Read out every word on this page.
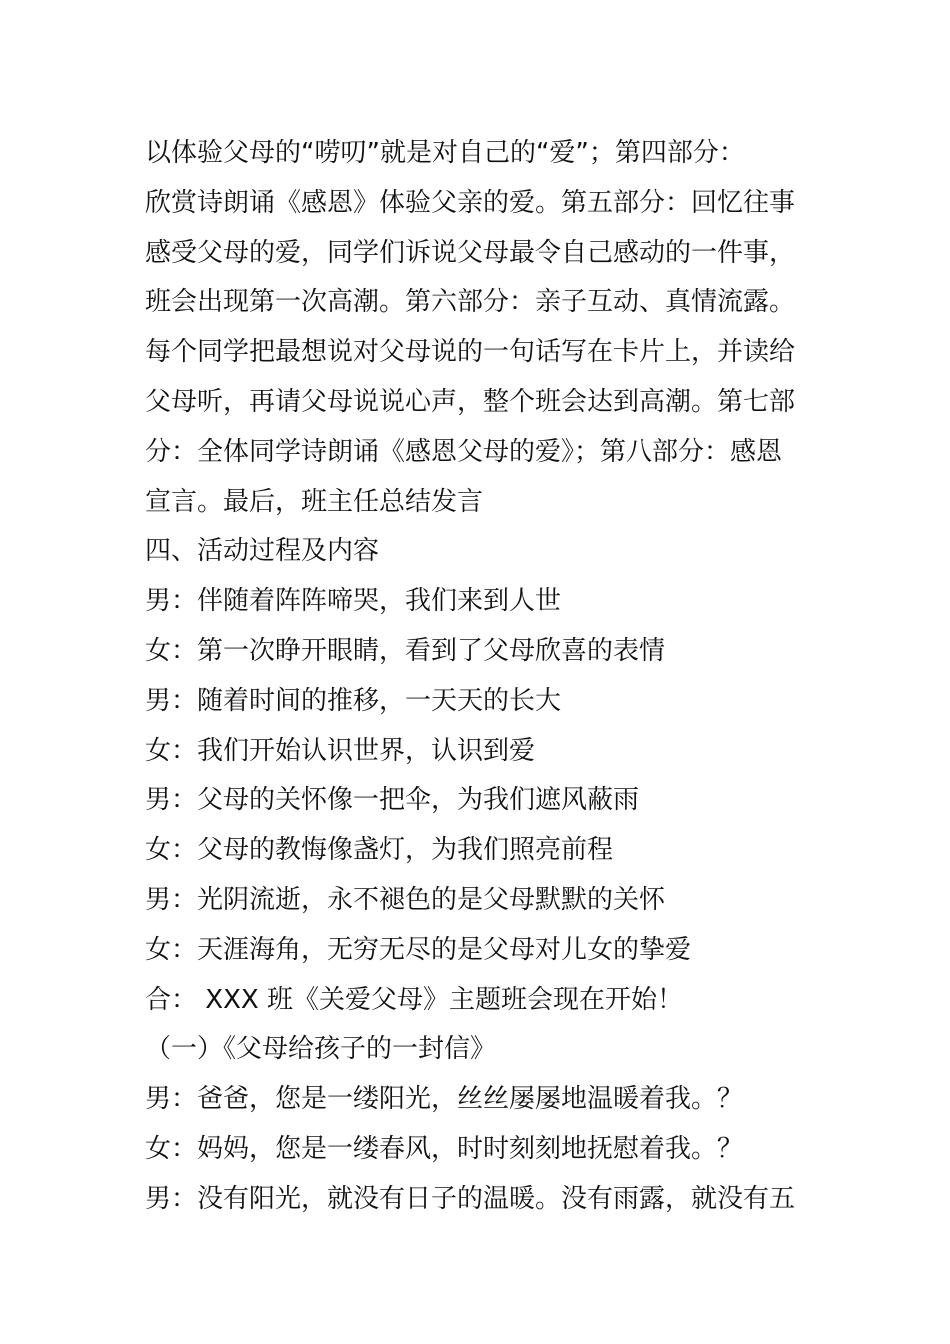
以体验父母的“唠叨”就是对自己的“爱”；第四部分：
欣赏诗朗诵《感恩》体验父亲的爱。第五部分：回忆往事
感受父母的爱，同学们诉说父母最令自己感动的一件事，
班会出现第一次高潮。第六部分：亲子互动、真情流露。
每个同学把最想说对父母说的一句话写在卡片上，并读给
父母听，再请父母说说心声，整个班会达到高潮。第七部
分：全体同学诗朗诵《感恩父母的爱》；第八部分：感恩
宣言。最后，班主任总结发言
四、活动过程及内容
男：伴随着阵阵啼哭，我们来到人世
女：第一次睁开眼睛，看到了父母欣喜的表情
男：随着时间的推移，一天天的长大
女：我们开始认识世界，认识到爱
男：父母的关怀像一把伞，为我们遮风蔽雨
女：父母的教悔像盏灯，为我们照亮前程
男：光阴流逝，永不褪色的是父母默默的关怀
女：天涯海角，无穷无尽的是父母对儿女的挚爱
合： XXX 班《关爱父母》主题班会现在开始！
（一）《父母给孩子的一封信》
男：爸爸，您是一缕阳光，丝丝屡屡地温暖着我。？
女：妈妈，您是一缕春风，时时刻刻地抚慰着我。？
男：没有阳光，就没有日子的温暖。没有雨露，就没有五
